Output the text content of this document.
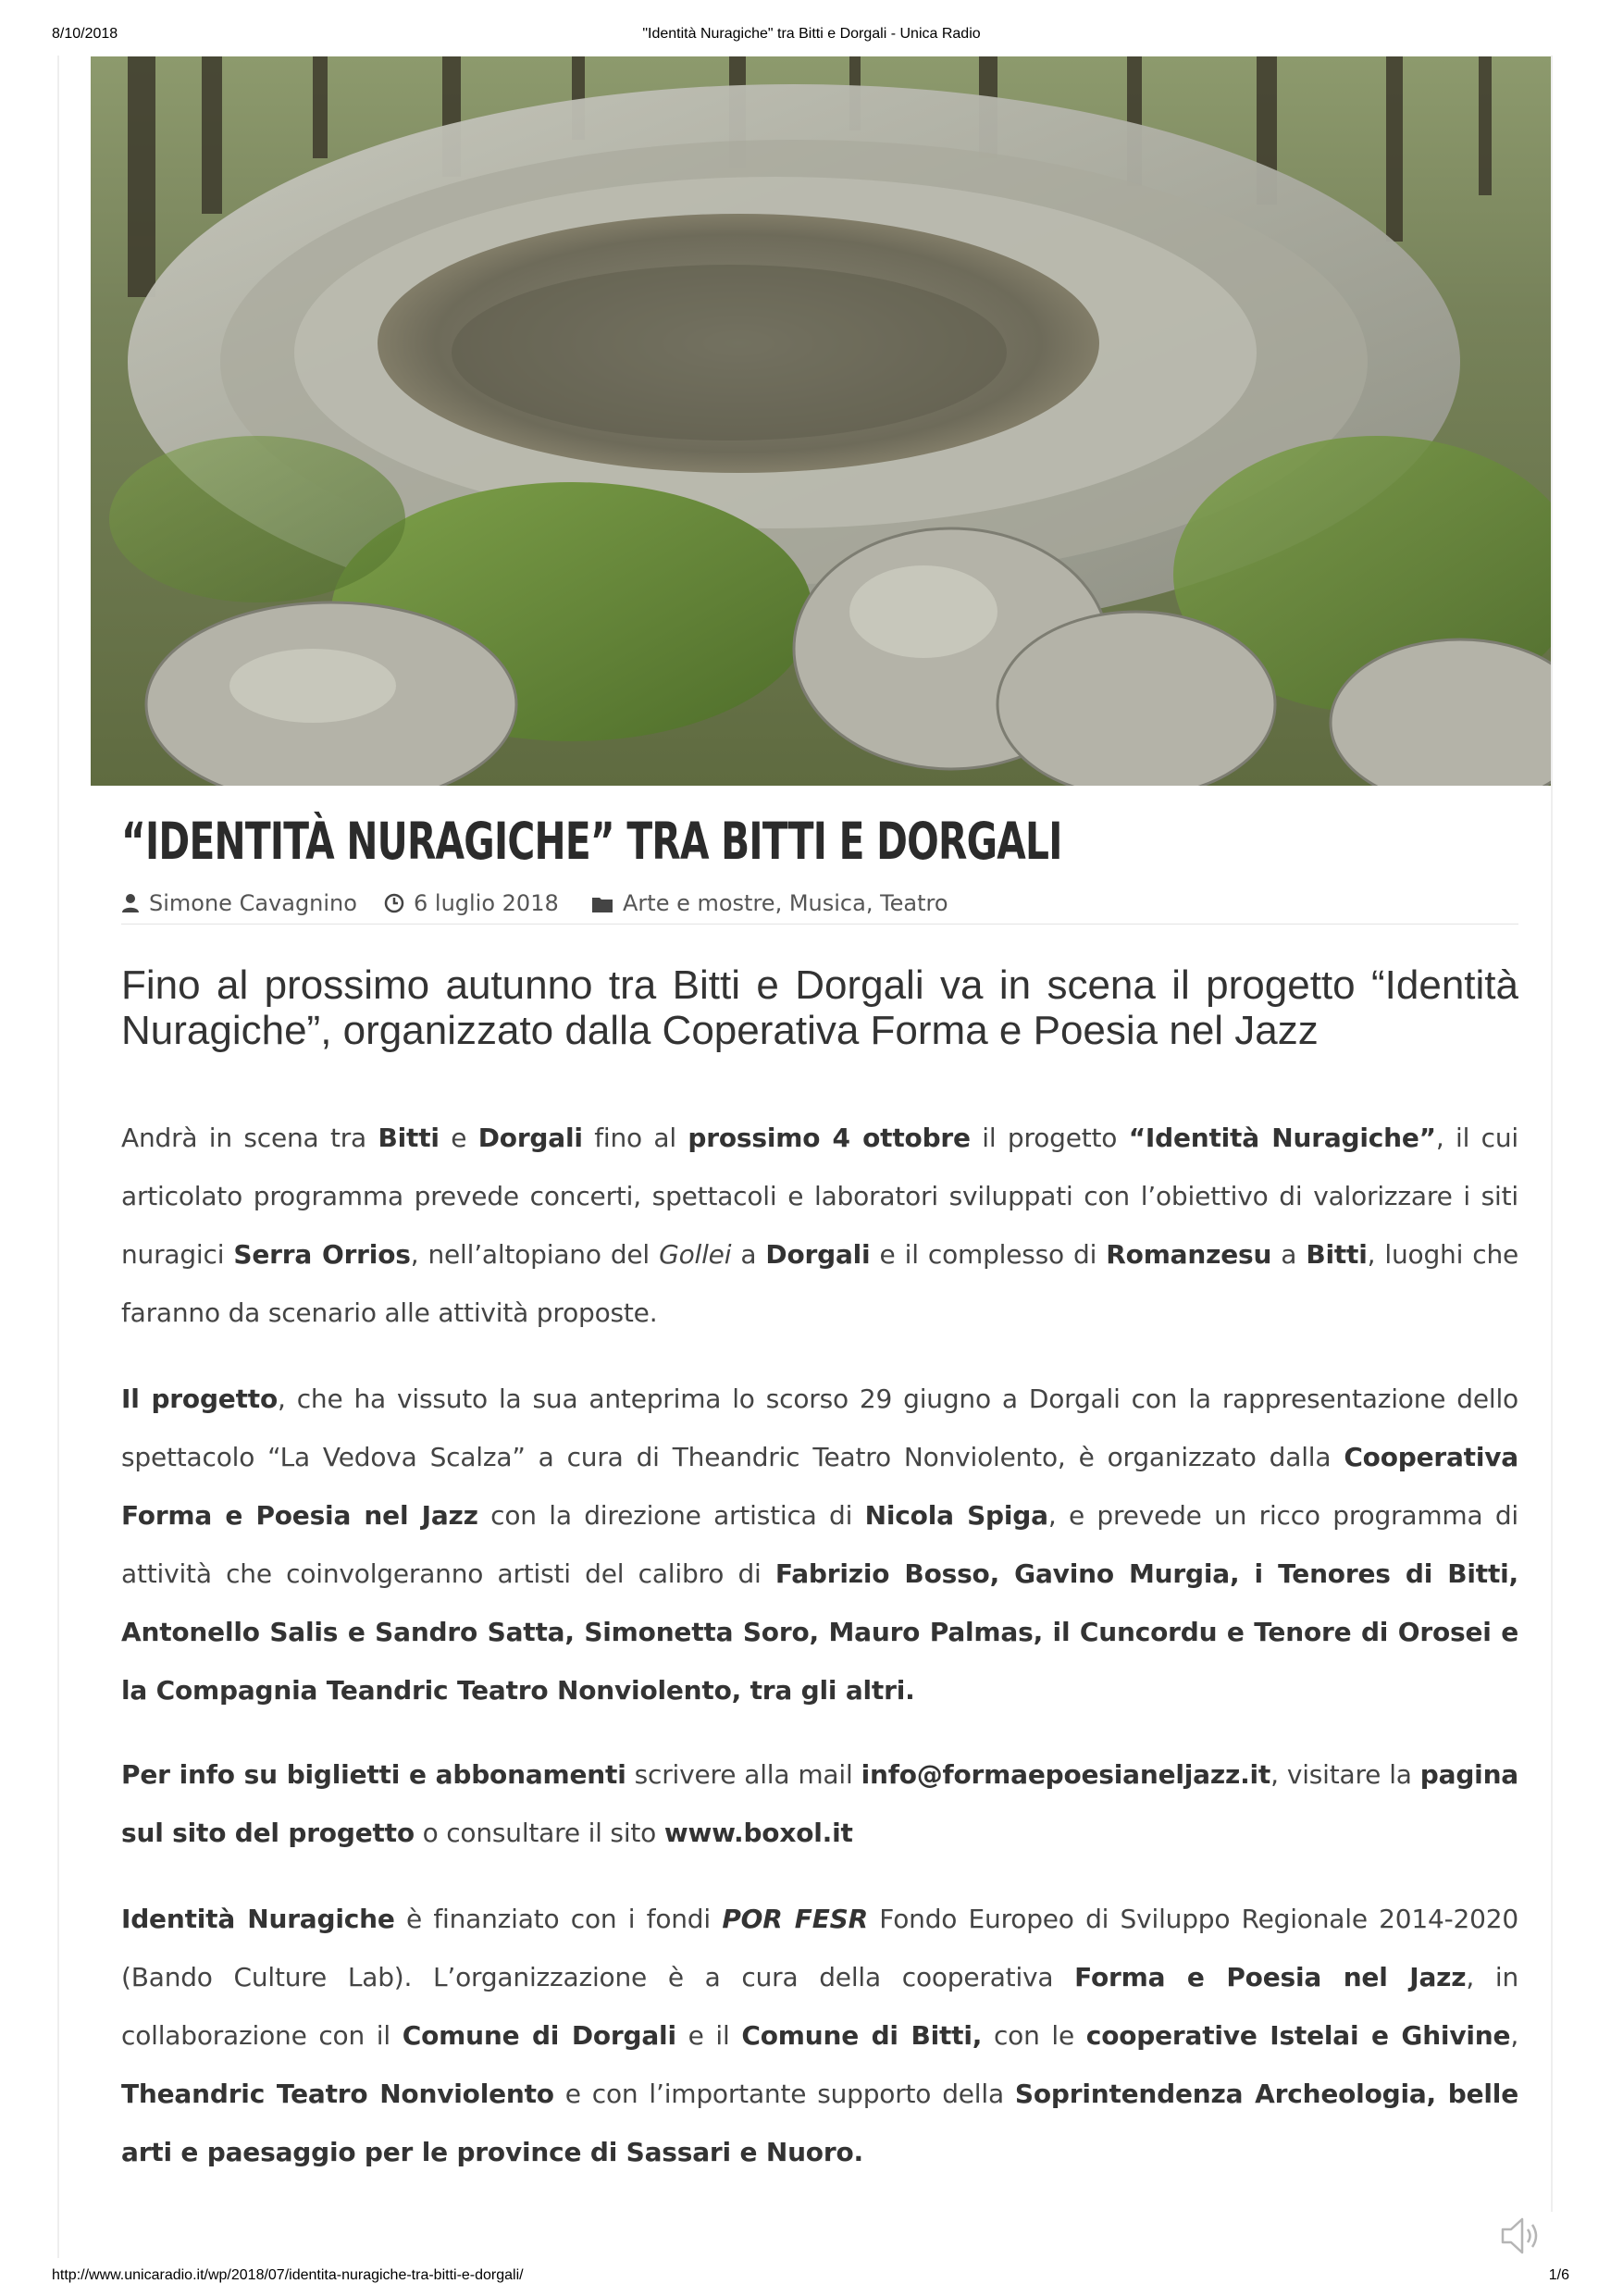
8/10/2018	"Identità Nuragiche" tra Bitti e Dorgali - Unica Radio
“IDENTITÀ NURAGICHE” TRA BITTI E DORGALI
Simone Cavagnino	6 luglio 2018	Arte e mostre, Musica, Teatro

Fino al prossimo autunno tra Bitti e Dorgali va in scena il progetto “Identità Nuragiche”, organizzato dalla Coperativa Forma e Poesia nel Jazz

Andrà in scena tra Bitti e Dorgali fino al prossimo 4 ottobre il progetto “Identità Nuragiche”, il cui articolato programma prevede concerti, spettacoli e laboratori sviluppati con l’obiettivo di valorizzare i siti nuragici Serra Orrios, nell’altopiano del Gollei a Dorgali e il complesso di Romanzesu a Bitti, luoghi che faranno da scenario alle attività proposte.

Il progetto, che ha vissuto la sua anteprima lo scorso 29 giugno a Dorgali con la rappresentazione dello spettacolo “La Vedova Scalza” a cura di Theandric Teatro Nonviolento, è organizzato dalla Cooperativa Forma e Poesia nel Jazz con la direzione artistica di Nicola Spiga, e prevede un ricco programma di attività che coinvolgeranno artisti del calibro di Fabrizio Bosso, Gavino Murgia, i Tenores di Bitti, Antonello Salis e Sandro Satta, Simonetta Soro, Mauro Palmas, il Cuncordu e Tenore di Orosei e la Compagnia Teandric Teatro Nonviolento, tra gli altri.

Per info su biglietti e abbonamenti scrivere alla mail info@formaepoesianeljazz.it, visitare la pagina sul sito del progetto o consultare il sito www.boxol.it

Identità Nuragiche è finanziato con i fondi POR FESR Fondo Europeo di Sviluppo Regionale 2014-2020 (Bando Culture Lab). L’organizzazione è a cura della cooperativa Forma e Poesia nel Jazz, in collaborazione con il Comune di Dorgali e il Comune di Bitti, con le cooperative Istelai e Ghivine, Theandric Teatro Nonviolento e con l’importante supporto della Soprintendenza Archeologia, belle arti e paesaggio per le province di Sassari e Nuoro.

http://www.unicaradio.it/wp/2018/07/identita-nuragiche-tra-bitti-e-dorgali/	1/6
